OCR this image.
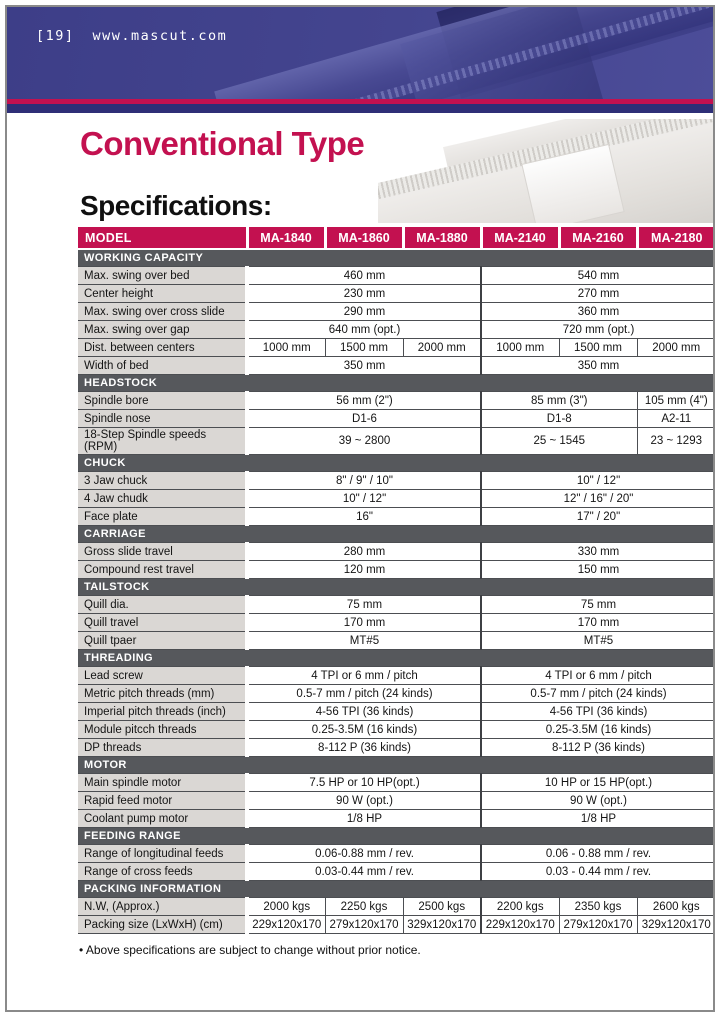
[19] www.mascut.com
Conventional Type
Specifications:
MODEL	MA-1840	MA-1860	MA-1880	MA-2140	MA-2160	MA-2180
WORKING CAPACITY						
Max. swing over bed	460 mm			540 mm		
Center height	230 mm			270 mm		
Max. swing over cross slide	290 mm			360 mm		
Max. swing over gap	640 mm (opt.)			720 mm (opt.)		
Dist. between centers	1000 mm	1500 mm	2000 mm	1000 mm	1500 mm	2000 mm
Width of bed	350 mm			350 mm		
HEADSTOCK						
Spindle bore	56 mm (2")			85 mm (3")		105 mm (4")
Spindle nose	D1-6			D1-8		A2-11
18-Step Spindle speeds (RPM)	39 ~ 2800			25 ~ 1545		23 ~ 1293
CHUCK						
3 Jaw chuck	8" / 9" / 10"			10" / 12"		
4 Jaw chudk	10" / 12"			12" / 16" / 20"		
Face plate	16"			17" / 20"		
CARRIAGE						
Gross slide travel	280 mm			330 mm		
Compound rest travel	120 mm			150 mm		
TAILSTOCK						
Quill dia.	75 mm			75 mm		
Quill travel	170 mm			170 mm		
Quill tpaer	MT#5			MT#5		
THREADING						
Lead screw	4 TPI or 6 mm / pitch			4 TPI or 6 mm / pitch		
Metric pitch threads (mm)	0.5-7 mm / pitch (24 kinds)			0.5-7 mm / pitch (24 kinds)		
Imperial pitch threads (inch)	4-56 TPI (36 kinds)			4-56 TPI (36 kinds)		
Module pitcch threads	0.25-3.5M (16 kinds)			0.25-3.5M (16 kinds)		
DP threads	8-112 P (36 kinds)			8-112 P (36 kinds)		
MOTOR						
Main spindle motor	7.5 HP or 10 HP(opt.)			10 HP or 15 HP(opt.)		
Rapid feed motor	90 W (opt.)			90 W (opt.)		
Coolant pump motor	1/8 HP			1/8 HP		
FEEDING RANGE						
Range of longitudinal feeds	0.06-0.88 mm / rev.			0.06 - 0.88 mm / rev.		
Range of cross feeds	0.03-0.44 mm / rev.			0.03 - 0.44 mm / rev.		
PACKING INFORMATION						
N.W, (Approx.)	2000 kgs	2250 kgs	2500 kgs	2200 kgs	2350 kgs	2600 kgs
Packing size (LxWxH) (cm)	229x120x170	279x120x170	329x120x170	229x120x170	279x120x170	329x120x170
• Above specifications are subject to change without prior notice.
